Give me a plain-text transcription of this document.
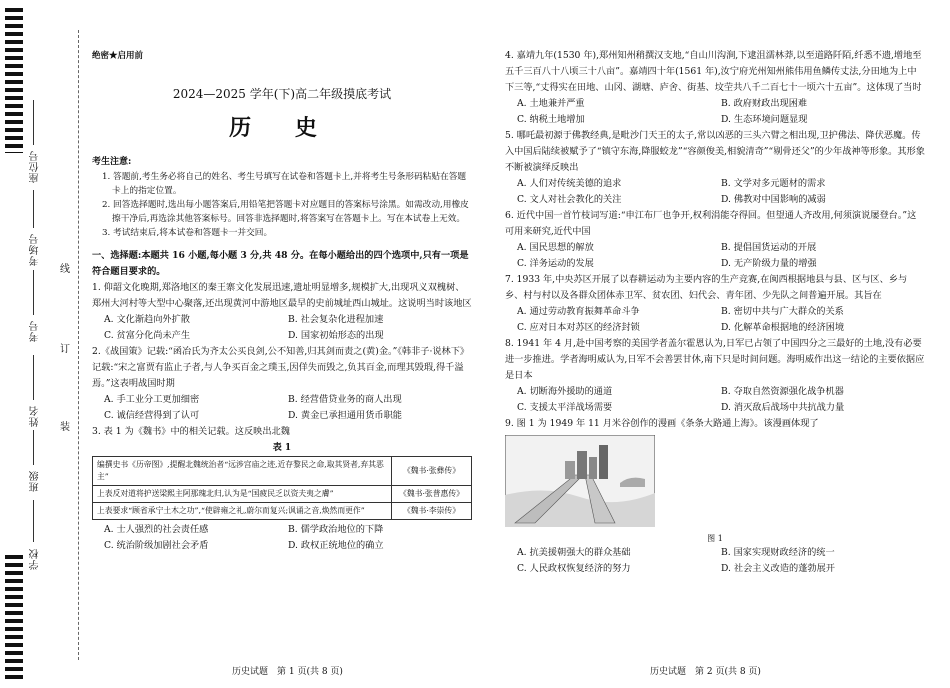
座位号
考场号
考号
姓名
班级
学校
线
订
装
绝密★启用前
2024—2025 学年(下)高二年级摸底考试
历 史
考生注意:
1. 答题前,考生务必将自己的姓名、考生号填写在试卷和答题卡上,并将考生号条形码粘贴在答题卡上的指定位置。
2. 回答选择题时,选出每小题答案后,用铅笔把答题卡对应题目的答案标号涂黑。如需改动,用橡皮擦干净后,再选涂其他答案标号。回答非选择题时,将答案写在答题卡上。写在本试卷上无效。
3. 考试结束后,将本试卷和答题卡一并交回。
一、选择题:本题共 16 小题,每小题 3 分,共 48 分。在每小题给出的四个选项中,只有一项是符合题目要求的。
1. 仰韶文化晚期,郑洛地区的秦王寨文化发展迅速,遗址明显增多,规模扩大,出现巩义双槐树、郑州大河村等大型中心聚落,还出现黄河中游地区最早的史前城址西山城址。这说明当时该地区
A. 文化渐趋向外扩散	B. 社会复杂化进程加速
C. 贫富分化尚未产生	D. 国家初始形态的出现
2.《战国策》记载:“函冶氏为齐太公买良剑,公不知善,归其剑而责之(黄)金。”《韩非子·说林下》记载:“宋之富贾有监止子者,与人争买百金之璞玉,因佯失而毁之,负其百金,而理其毁瑕,得千溢焉。”这表明战国时期
A. 手工业分工更加细密	B. 经营借贷业务的商人出现
C. 诚信经营得到了认可	D. 黄金已承担通用货币职能
3. 表 1 为《魏书》中的相关记载。这反映出北魏
表 1
编撰史书《历帝图》,提醒北魏统治者“远涉宫庙之迹,近存黎民之命,取其贤者,弃其恶主”	《魏书·张彝传》
上表反对道将护送梁熙主阿那瑰北归,认为是“国疲民乏以资夫夷之膚”	《魏书·张普惠传》
上表要求“顾省承宁土木之功”,“使辟雍之礼,蔚尔而复兴;讽诵之音,焕然而更作”	《魏书·李崇传》
A. 士人强烈的社会责任感	B. 儒学政治地位的下降
C. 统治阶级加剧社会矛盾	D. 政权正统地位的确立
4. 嘉靖九年(1530 年),郑州知州稍撰汉支地,“自山川沟涧,下逮沮濡林莽,以至道路阡陌,纤悉不遗,增地至五千三百八十八顷三十八亩”。嘉靖四十年(1561 年),汝宁府光州知州熊伟用鱼鳞传丈法,分田地为上中下三等,“丈得实在田地、山冈、湖塘、庐舍、街基、坟茔共八千二百七十一顷六十五亩”。这体现了当时
A. 土地兼并严重	B. 政府财政出现困难
C. 纳税土地增加	D. 生态环境问题显现
5. 哪吒最初源于佛教经典,是毗沙门天王的太子,常以凶恶的三头六臂之相出现,卫护佛法、降伏恶魔。传入中国后陆续被赋予了“镇守东海,降服蛟龙”“容颜俊美,相貌清奇”“剔骨还父”的少年战神等形象。其形象不断被演绎反映出
A. 人们对传统美德的追求	B. 文学对多元题材的需求
C. 文人对社会教化的关注	D. 佛教对中国影响的减弱
6. 近代中国一首竹枝词写道:“申江布厂也争开,权利涓能夺得回。但望通人齐改用,何须演说屡登台。”这可用来研究,近代中国
A. 国民思想的解放	B. 提倡国货运动的开展
C. 洋务运动的发展	D. 无产阶级力量的增强
7. 1933 年,中央苏区开展了以春耕运动为主要内容的生产竞赛,在闽西根据地县与县、区与区、乡与乡、村与村以及各群众团体赤卫军、贫农团、妇代会、青年团、少先队之间普遍开展。其旨在
A. 通过劳动教育振舞革命斗争	B. 密切中共与广大群众的关系
C. 应对日本对苏区的经济封锁	D. 化解革命根据地的经济困境
8. 1941 年 4 月,赴中国考察的美国学者盖尔霍恩认为,日军已占领了中国四分之三最好的土地,没有必要进一步推进。学者海明威认为,日军不会善罢甘休,南下只是时间问题。海明威作出这一结论的主要依据应是日本
A. 切断海外援助的通道	B. 夺取自然资源强化战争机器
C. 支援太平洋战场需要	D. 消灭敌后战场中共抗战力量
9. 图 1 为 1949 年 11 月米谷创作的漫画《条条大路通上海》。该漫画体现了
图 1
A. 抗美援朝强大的群众基础	B. 国家实现财政经济的统一
C. 人民政权恢复经济的努力	D. 社会主义改造的蓬勃展开
历史试题　第 1 页(共 8 页)	历史试题　第 2 页(共 8 页)
